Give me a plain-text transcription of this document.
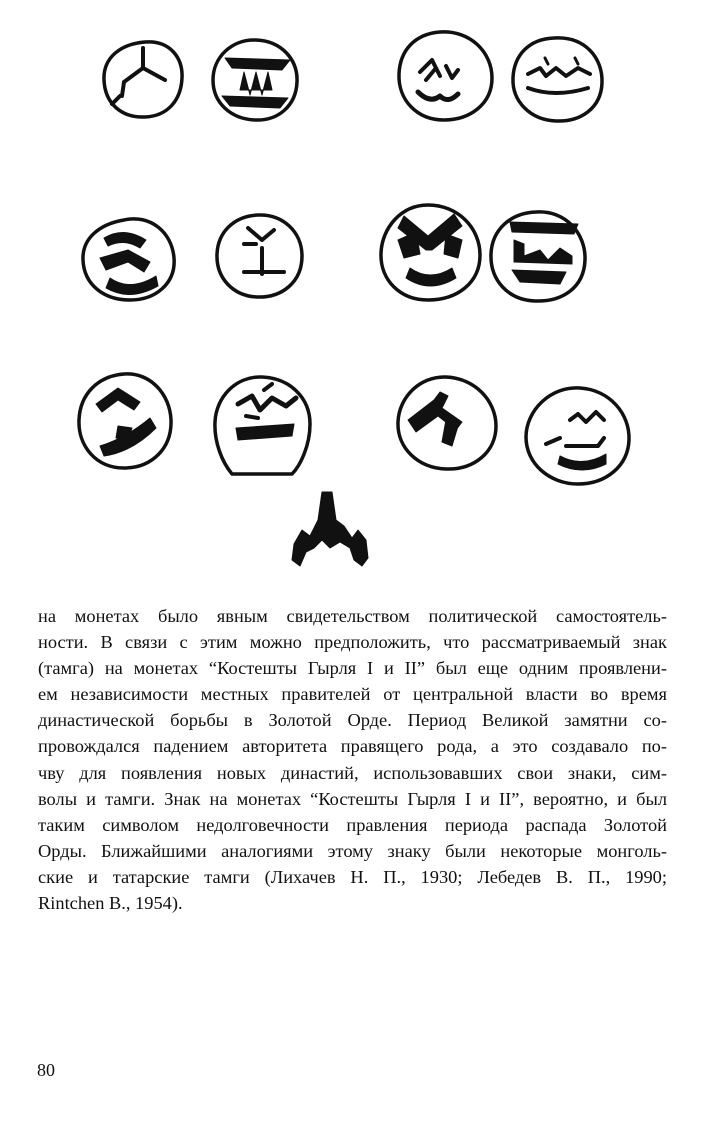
на монетах было явным свидетельством политической самостоятель-
ности. В связи с этим можно предположить, что рассматриваемый знак
(тамга) на монетах “Костешты Гырля I и II” был еще одним проявлени-
ем независимости местных правителей от центральной власти во время
династической борьбы в Золотой Орде. Период Великой замятни со-
провождался падением авторитета правящего рода, а это создавало по-
чву для появления новых династий, использовавших свои знаки, сим-
волы и тамги. Знак на монетах “Костешты Гырля I и II”, вероятно, и был
таким символом недолговечности правления периода распада Золотой
Орды. Ближайшими аналогиями этому знаку были некоторые монголь-
ские и татарские тамги (Лихачев Н. П., 1930; Лебедев В. П., 1990;
Rintchen B., 1954).
80
